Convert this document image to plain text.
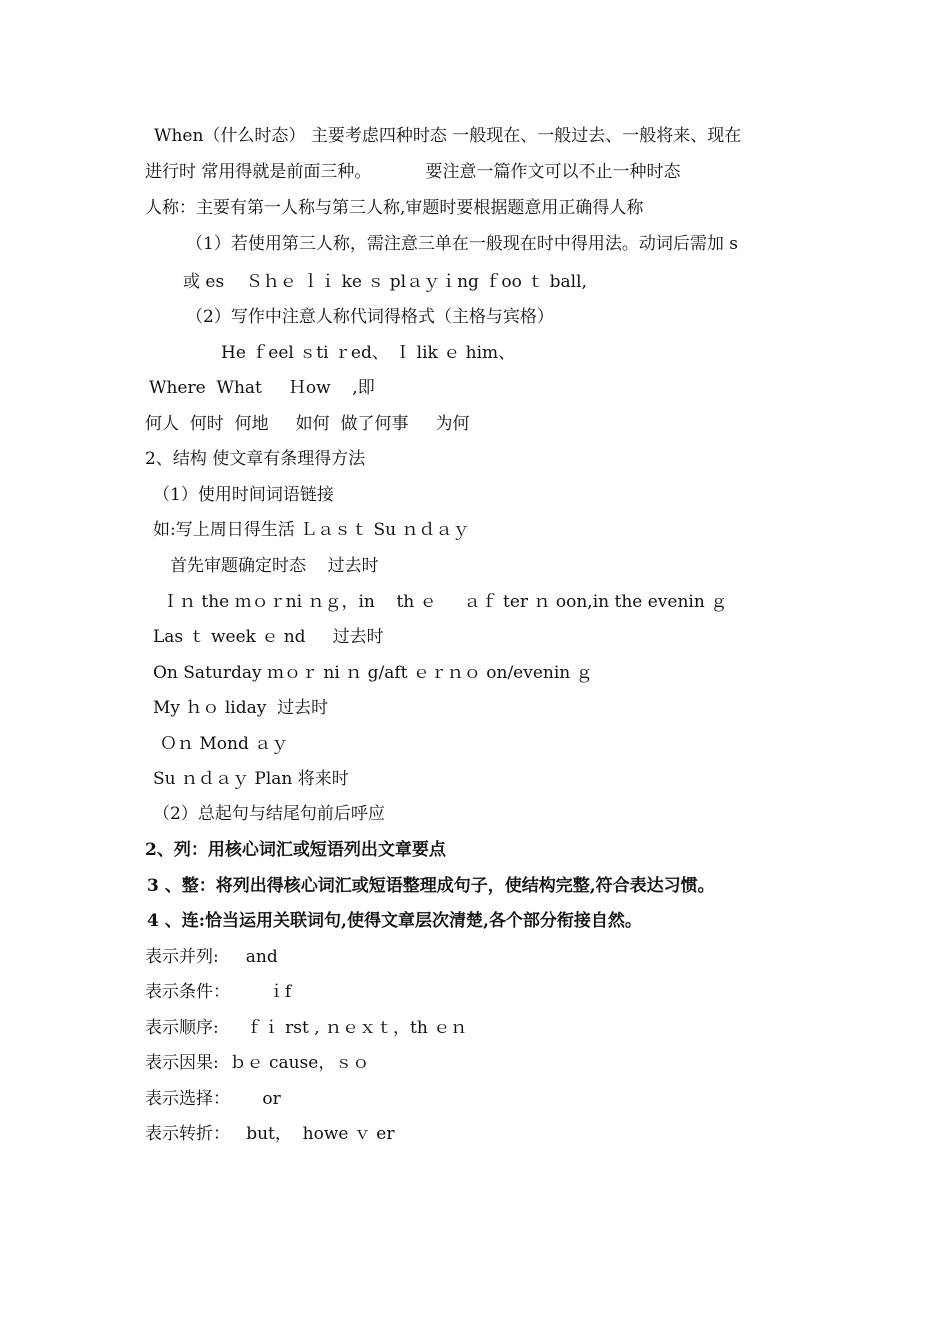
When（什么时态） 主要考虑四种时态 一般现在、一般过去、一般将来、现在
进行时 常用得就是前面三种。          要注意一篇作文可以不止一种时态
人称：主要有第一人称与第三人称,审题时要根据题意用正确得人称
（1）若使用第三人称，需注意三单在一般现在时中得用法。动词后需加 s
或 es    Ｓｈｅ ｌｉ ke ｓ plａｙｉng ｆoo ｔ ball,
（2）写作中注意人称代词得格式（主格与宾格）
He ｆeel ｓti ｒed、 Ｉ lik ｅ him、
Where  What     Ｈow    ,即
何人  何时  何地     如何  做了何事     为何
2、结构 使文章有条理得方法
（1）使用时间词语链接
如:写上周日得生活 Ｌａｓｔ Su ｎｄａｙ
首先审题确定时态    过去时
Ｉｎ the ｍｏｒni ｎｇ，in    th ｅ     ａｆ ter ｎ oon,in the evenin ｇ
Las ｔ week ｅ nd     过去时
On Saturday ｍｏｒ ni ｎ g/aft ｅｒｎｏ on/evenin ｇ
My ｈｏ liday  过去时
Ｏｎ Mond ａｙ
Su ｎｄａｙ Plan 将来时
（2）总起句与结尾句前后呼应
2、列：用核心词汇或短语列出文章要点
3 、整：将列出得核心词汇或短语整理成句子，使结构完整,符合表达习惯。
4 、连:恰当运用关联词句,使得文章层次清楚,各个部分衔接自然。
表示并列:     and
表示条件：       ｉf
表示顺序:     ｆｉ rst , ｎｅｘｔ，th ｅｎ
表示因果:  ｂｅ cause，ｓｏ
表示选择：      or
表示转折：   but，  howe ｖ er
